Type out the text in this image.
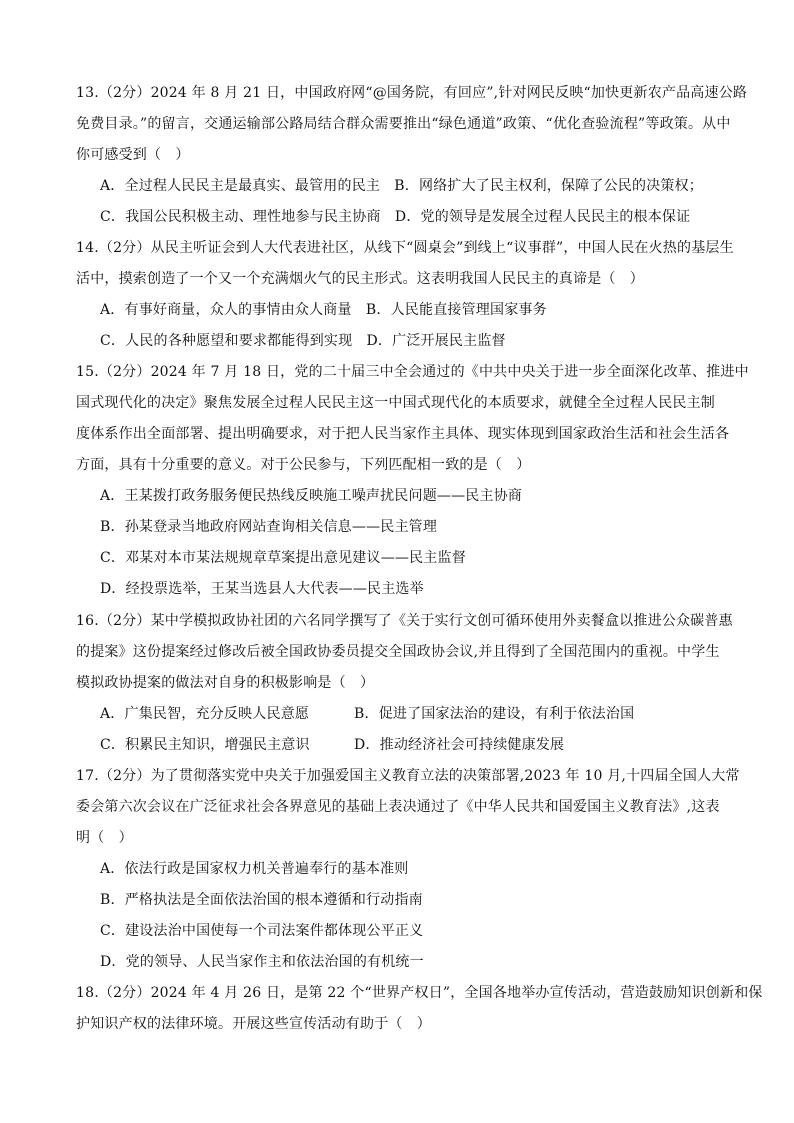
13.（2分）2024 年 8 月 21 日，中国政府网“@国务院，有回应”,针对网民反映“加快更新农产品高速公路
免费目录。”的留言，交通运输部公路局结合群众需要推出“绿色通道”政策、“优化查验流程”等政策。从中
你可感受到（　）
A．全过程人民民主是最真实、最管用的民主　B．网络扩大了民主权利，保障了公民的决策权；
C．我国公民积极主动、理性地参与民主协商　D．党的领导是发展全过程人民民主的根本保证
14.（2分）从民主听证会到人大代表进社区，从线下“圆桌会”到线上“议事群”，中国人民在火热的基层生
活中，摸索创造了一个又一个充满烟火气的民主形式。这表明我国人民民主的真谛是（　）
A．有事好商量，众人的事情由众人商量　B．人民能直接管理国家事务
C．人民的各种愿望和要求都能得到实现　D．广泛开展民主监督
15.（2分）2024 年 7 月 18 日，党的二十届三中全会通过的《中共中央关于进一步全面深化改革、推进中
国式现代化的决定》聚焦发展全过程人民民主这一中国式现代化的本质要求，就健全全过程人民民主制
度体系作出全面部署、提出明确要求，对于把人民当家作主具体、现实体现到国家政治生活和社会生活各
方面，具有十分重要的意义。对于公民参与，下列匹配相一致的是（　）
A．王某拨打政务服务便民热线反映施工噪声扰民问题——民主协商
B．孙某登录当地政府网站查询相关信息——民主管理
C．邓某对本市某法规规章草案提出意见建议——民主监督
D．经投票选举，王某当选县人大代表——民主选举
16.（2分）某中学模拟政协社团的六名同学撰写了《关于实行文创可循环使用外卖餐盒以推进公众碳普惠
的提案》这份提案经过修改后被全国政协委员提交全国政协会议,并且得到了全国范围内的重视。中学生
模拟政协提案的做法对自身的积极影响是（　）
A．广集民智，充分反映人民意愿	B．促进了国家法治的建设，有利于依法治国
C．积累民主知识，增强民主意识	D．推动经济社会可持续健康发展
17.（2分）为了贯彻落实党中央关于加强爱国主义教育立法的决策部署,2023 年 10 月,十四届全国人大常
委会第六次会议在广泛征求社会各界意见的基础上表决通过了《中华人民共和国爱国主义教育法》,这表
明（　）
A．依法行政是国家权力机关普遍奉行的基本准则
B．严格执法是全面依法治国的根本遵循和行动指南
C．建设法治中国使每一个司法案件都体现公平正义
D．党的领导、人民当家作主和依法治国的有机统一
18.（2分）2024 年 4 月 26 日，是第 22 个“世界产权日”，全国各地举办宣传活动，营造鼓励知识创新和保
护知识产权的法律环境。开展这些宣传活动有助于（　）
